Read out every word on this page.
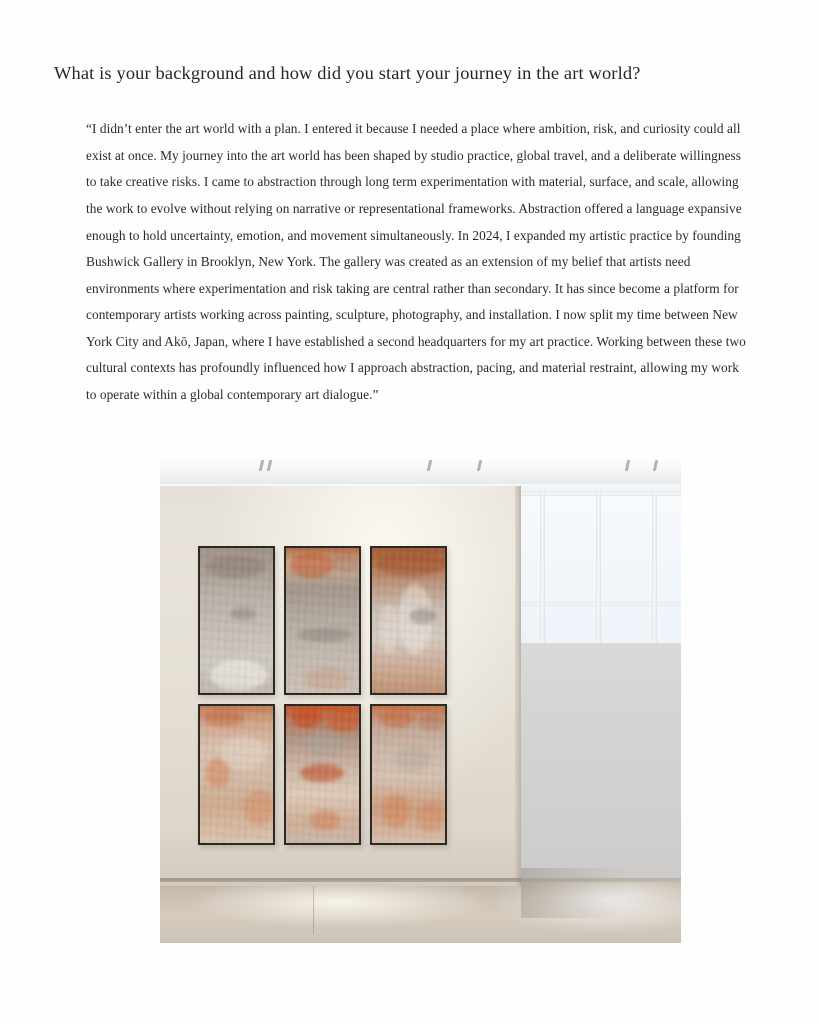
What is your background and how did you start your journey in the art world?

“I didn’t enter the art world with a plan. I entered it because I needed a place where ambition, risk, and curiosity could all exist at once. My journey into the art world has been shaped by studio practice, global travel, and a deliberate willingness to take creative risks. I came to abstraction through long term experimentation with material, surface, and scale, allowing the work to evolve without relying on narrative or representational frameworks. Abstraction offered a language expansive enough to hold uncertainty, emotion, and movement simultaneously. In 2024, I expanded my artistic practice by founding Bushwick Gallery in Brooklyn, New York. The gallery was created as an extension of my belief that artists need environments where experimentation and risk taking are central rather than secondary. It has since become a platform for contemporary artists working across painting, sculpture, photography, and installation. I now split my time between New York City and Akō, Japan, where I have established a second headquarters for my art practice. Working between these two cultural contexts has profoundly influenced how I approach abstraction, pacing, and material restraint, allowing my work to operate within a global contemporary art dialogue.”
